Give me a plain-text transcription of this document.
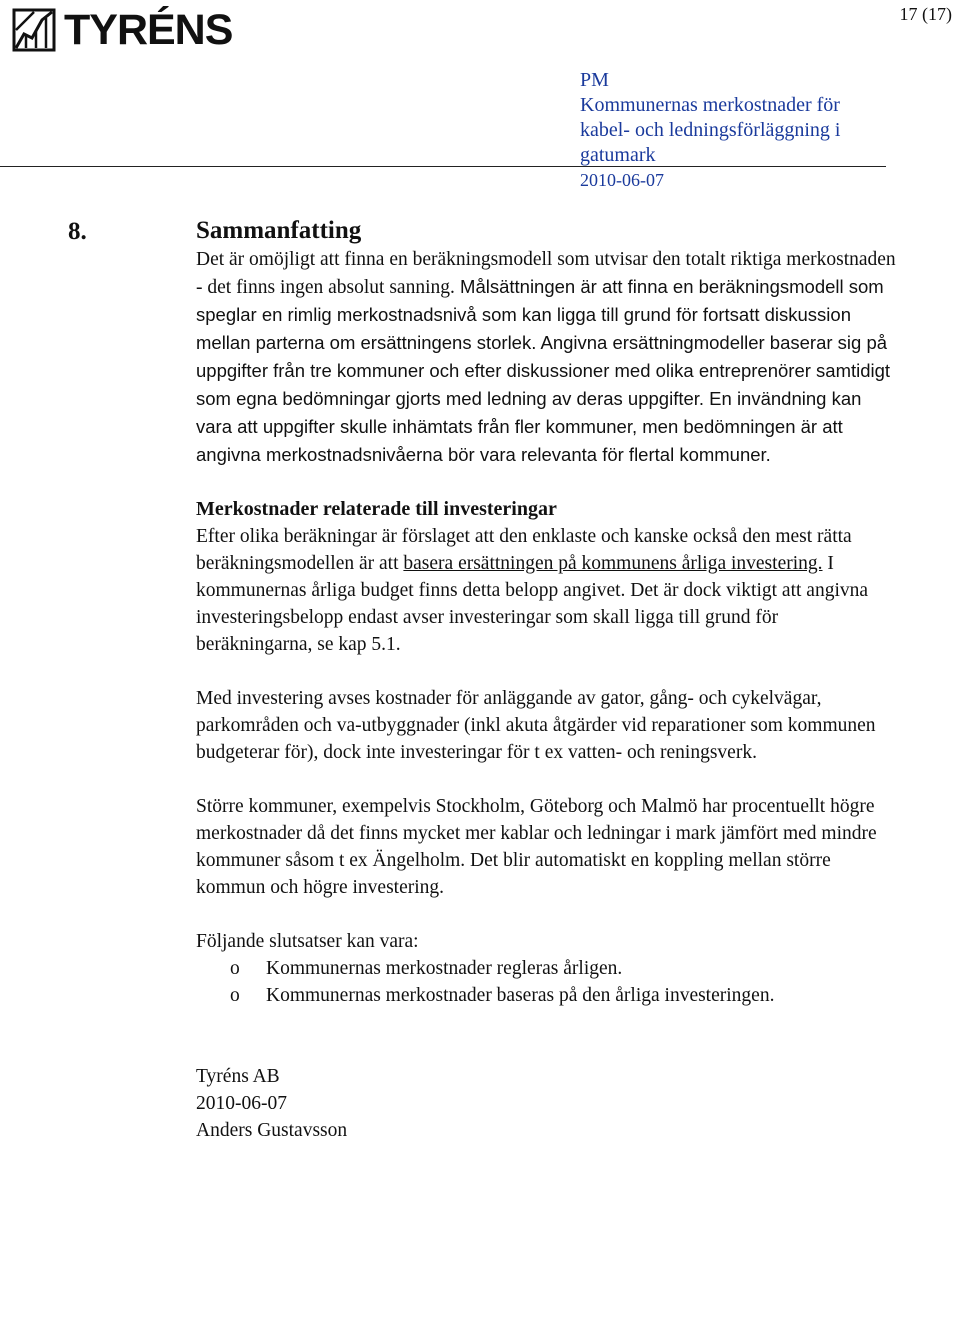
17 (17)
TYRÉNS
PM
Kommunernas merkostnader för
kabel- och ledningsförläggning i
gatumark
2010-06-07
8.	Sammanfatting

Det är omöjligt att finna en beräkningsmodell som utvisar den totalt riktiga merkostnaden - det finns ingen absolut sanning. Målsättningen är att finna en beräkningsmodell som speglar en rimlig merkostnadsnivå som kan ligga till grund för fortsatt diskussion mellan parterna om ersättningens storlek. Angivna ersättningmodeller baserar sig på uppgifter från tre kommuner och efter diskussioner med olika entreprenörer samtidigt som egna bedömningar gjorts med ledning av deras uppgifter. En invändning kan vara att uppgifter skulle inhämtats från fler kommuner, men bedömningen är att angivna merkostnadsnivåerna bör vara relevanta för flertal kommuner.

Merkostnader relaterade till investeringar

Efter olika beräkningar är förslaget att den enklaste och kanske också den mest rätta beräkningsmodellen är att basera ersättningen på kommunens årliga investering. I kommunernas årliga budget finns detta belopp angivet. Det är dock viktigt att angivna investeringsbelopp endast avser investeringar som skall ligga till grund för beräkningarna, se kap 5.1.

Med investering avses kostnader för anläggande av gator, gång- och cykelvägar, parkområden och va-utbyggnader (inkl akuta åtgärder vid reparationer som kommunen budgeterar för), dock inte investeringar för t ex vatten- och reningsverk.

Större kommuner, exempelvis Stockholm, Göteborg och Malmö har procentuellt högre merkostnader då det finns mycket mer kablar och ledningar i mark jämfört med mindre kommuner såsom t ex Ängelholm. Det blir automatiskt en koppling mellan större kommun och högre investering.

Följande slutsatser kan vara:

o Kommunernas merkostnader regleras årligen.
o Kommunernas merkostnader baseras på den årliga investeringen.

Tyréns AB

2010-06-07

Anders Gustavsson
